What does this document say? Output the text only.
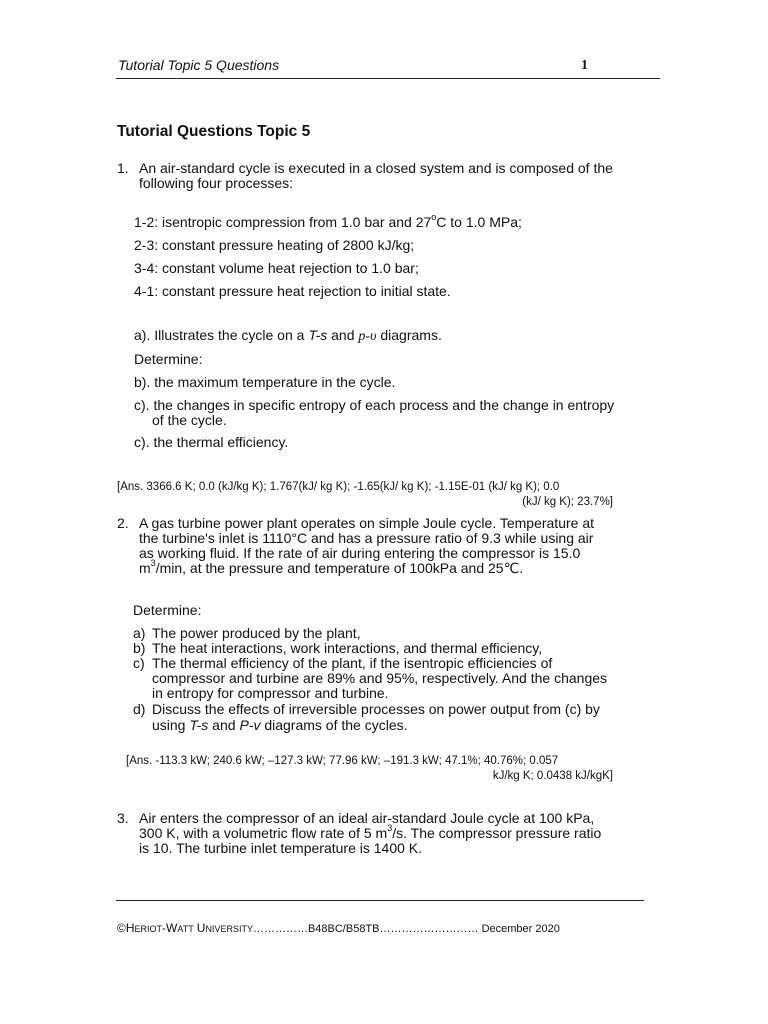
Tutorial Topic 5 Questions	1
Tutorial Questions Topic 5
1. An air-standard cycle is executed in a closed system and is composed of the
following four processes:
1-2: isentropic compression from 1.0 bar and 27$^o$C to 1.0 MPa;
2-3: constant pressure heating of 2800 kJ/kg;
3-4: constant volume heat rejection to 1.0 bar;
4-1: constant pressure heat rejection to initial state.
a). Illustrates the cycle on a T-s and p-υ diagrams.
Determine:
b). the maximum temperature in the cycle.
c). the changes in specific entropy of each process and the change in entropy
of the cycle.
c). the thermal efficiency.
[Ans. 3366.6 K; 0.0 (kJ/kg K); 1.767(kJ/ kg K); -1.65(kJ/ kg K); -1.15E-01 (kJ/ kg K); 0.0
(kJ/ kg K); 23.7%]
2. A gas turbine power plant operates on simple Joule cycle. Temperature at
the turbine's inlet is 1110°C and has a pressure ratio of 9.3 while using air
as working fluid. If the rate of air during entering the compressor is 15.0
$m^3/\min$, at the pressure and temperature of 100kPa and 25℃.
Determine:
a) The power produced by the plant,
b) The heat interactions, work interactions, and thermal efficiency,
c) The thermal efficiency of the plant, if the isentropic efficiencies of
compressor and turbine are 89% and 95%, respectively. And the changes
in entropy for compressor and turbine.
d) Discuss the effects of irreversible processes on power output from (c) by
using T-s and P-v diagrams of the cycles.
[Ans. -113.3 kW; 240.6 kW; –127.3 kW; 77.96 kW; –191.3 kW; 47.1%; 40.76%; 0.057
kJ/kg K; 0.0438 kJ/kgK]
3. Air enters the compressor of an ideal air-standard Joule cycle at 100 kPa,
300 K, with a volumetric flow rate of 5 $m^3/s$. The compressor pressure ratio
is 10. The turbine inlet temperature is 1400 K.
©HERIOT-WATT UNIVERSITY……………B48BC/B58TB……………………… December 2020
